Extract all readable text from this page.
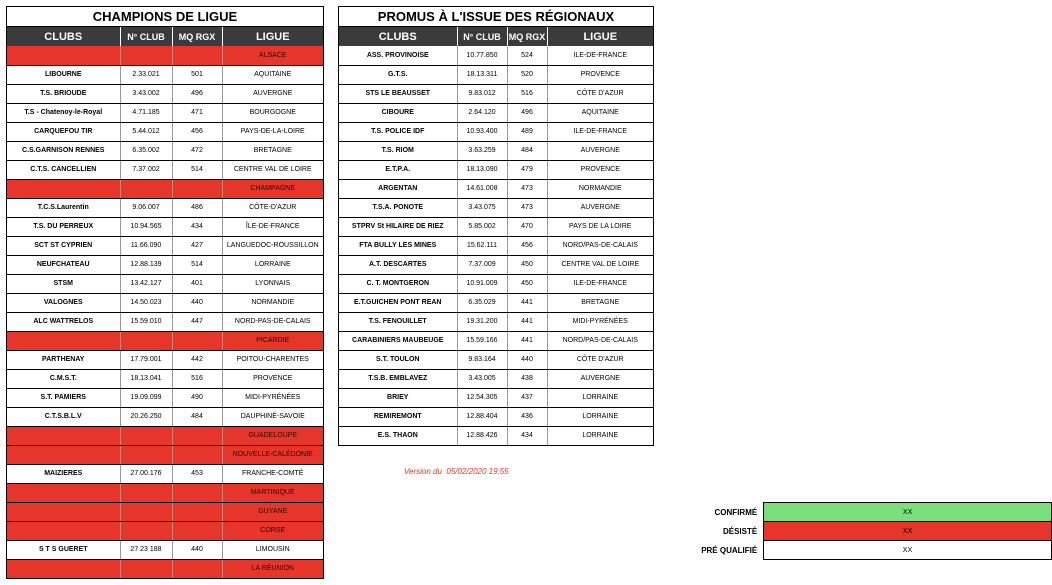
CHAMPIONS DE LIGUE
CLUBS	N° CLUB	MQ RGX	LIGUE
			ALSACE
LIBOURNE	2.33.021	501	AQUITAINE
T.S. BRIOUDE	3.43.002	496	AUVERGNE
T.S - Chatenoy-le-Royal	4.71.185	471	BOURGOGNE
CARQUEFOU TIR	5.44.012	456	PAYS-DE-LA-LOIRE
C.S.GARNISON RENNES	6.35.002	472	BRETAGNE
C.T.S. CANCELLIEN	7.37.002	514	CENTRE VAL DE LOIRE
			CHAMPAGNE
T.C.S.Laurentin	9.06.007	486	CÔTE-D'AZUR
T.S. DU PERREUX	10.94.565	434	ÎLE-DE-FRANCE
SCT ST CYPRIEN	11.66.090	427	LANGUEDOC-ROUSSILLON
NEUFCHATEAU	12.88.139	514	LORRAINE
STSM	13.42.127	401	LYONNAIS
VALOGNES	14.50.023	440	NORMANDIE
ALC WATTRELOS	15.59.010	447	NORD-PAS-DE-CALAIS
			PICARDIE
PARTHENAY	17.79.001	442	POITOU-CHARENTES
C.M.S.T.	18.13.041	516	PROVENCE
S.T. PAMIERS	19.09.099	490	MIDI-PYRÉNÉES
C.T.S.B.L.V	20.26.250	484	DAUPHINÉ-SAVOIE
			GUADELOUPE
			NOUVELLE-CALÉDONIE
MAIZIERES	27.00.176	453	FRANCHE-COMTÉ
			MARTINIQUE
			GUYANE
			CORSE
S T S GUERET	27 23 188	440	LIMOUSIN
			LA RÉUNION
PROMUS À L'ISSUE DES RÉGIONAUX
CLUBS	N° CLUB	MQ RGX	LIGUE
ASS. PROVINOISE	10.77.850	524	ILE-DE-FRANCE
G.T.S.	18.13.311	520	PROVENCE
STS LE BEAUSSET	9.83.012	516	CÔTE D'AZUR
CIBOURE	2.64.120	496	AQUITAINE
T.S. POLICE IDF	10.93.400	489	ILE-DE-FRANCE
T.S. RIOM	3.63.259	484	AUVERGNE
E.T.P.A.	18.13.090	479	PROVENCE
ARGENTAN	14.61.008	473	NORMANDIE
T.S.A. PONOTE	3.43.075	473	AUVERGNE
STPRV St HILAIRE DE RIEZ	5.85.002	470	PAYS DE LA LOIRE
FTA BULLY LES MINES	15.62.111	456	NORD/PAS-DE-CALAIS
A.T. DESCARTES	7.37.009	450	CENTRE VAL DE LOIRE
C. T. MONTGERON	10.91.009	450	ILE-DE-FRANCE
E.T.GUICHEN PONT REAN	6.35.029	441	BRETAGNE
T.S. FENOUILLET	19.31.200	441	MIDI-PYRÉNÉES
CARABINIERS MAUBEUGE	15.59.166	441	NORD/PAS-DE-CALAIS
S.T. TOULON	9.83.164	440	CÔTE D'AZUR
T.S.B. EMBLAVEZ	3.43.005	438	AUVERGNE
BRIEY	12.54.305	437	LORRAINE
REMIREMONT	12.88.404	436	LORRAINE
E.S. THAON	12.88.426	434	LORRAINE
Version du 05/02/2020 19:55
CONFIRMÉ	XX
DÉSISTÉ	XX
PRÉ QUALIFIÉ	XX
